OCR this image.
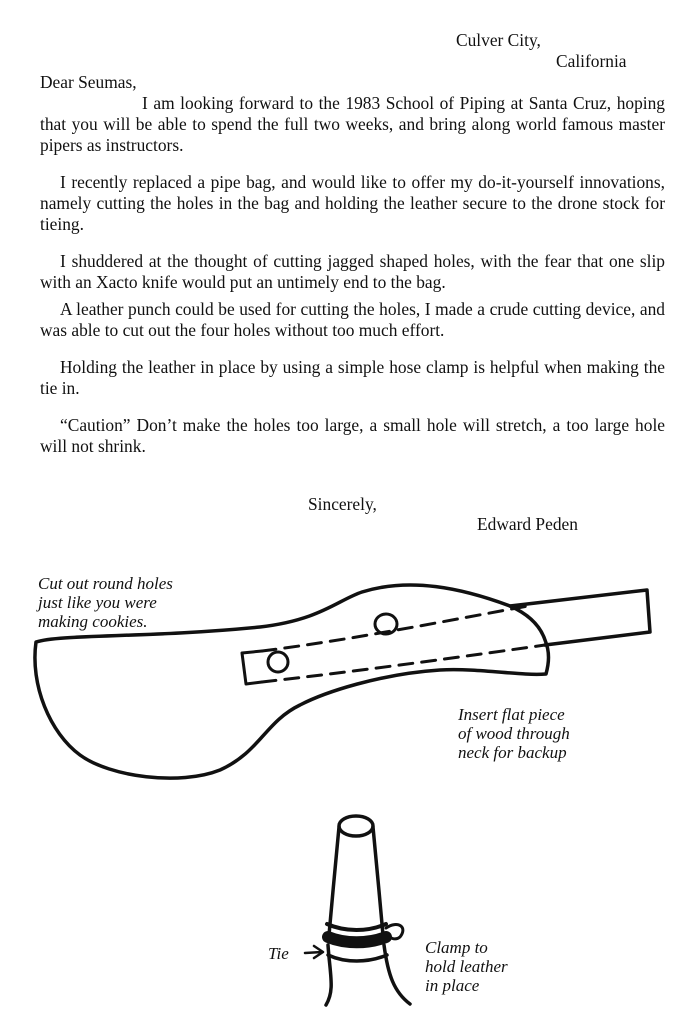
Culver City,
California
Dear Seumas,

I am looking forward to the 1983 School of Piping at Santa Cruz, hoping that you will be able to spend the full two weeks, and bring along world famous master pipers as instructors.

I recently replaced a pipe bag, and would like to offer my do-it-yourself innovations, namely cutting the holes in the bag and holding the leather secure to the drone stock for tieing.

I shuddered at the thought of cutting jagged shaped holes, with the fear that one slip with an Xacto knife would put an untimely end to the bag.

A leather punch could be used for cutting the holes, I made a crude cutting device, and was able to cut out the four holes without too much effort.

Holding the leather in place by using a simple hose clamp is helpful when making the tie in.

“Caution” Don’t make the holes too large, a small hole will stretch, a too large hole will not shrink.

Sincerely,
Edward Peden
Cut out round holes
just like you were
making cookies.
Insert flat piece
of wood through
neck for backup
Tie	Clamp to
hold leather
in place
